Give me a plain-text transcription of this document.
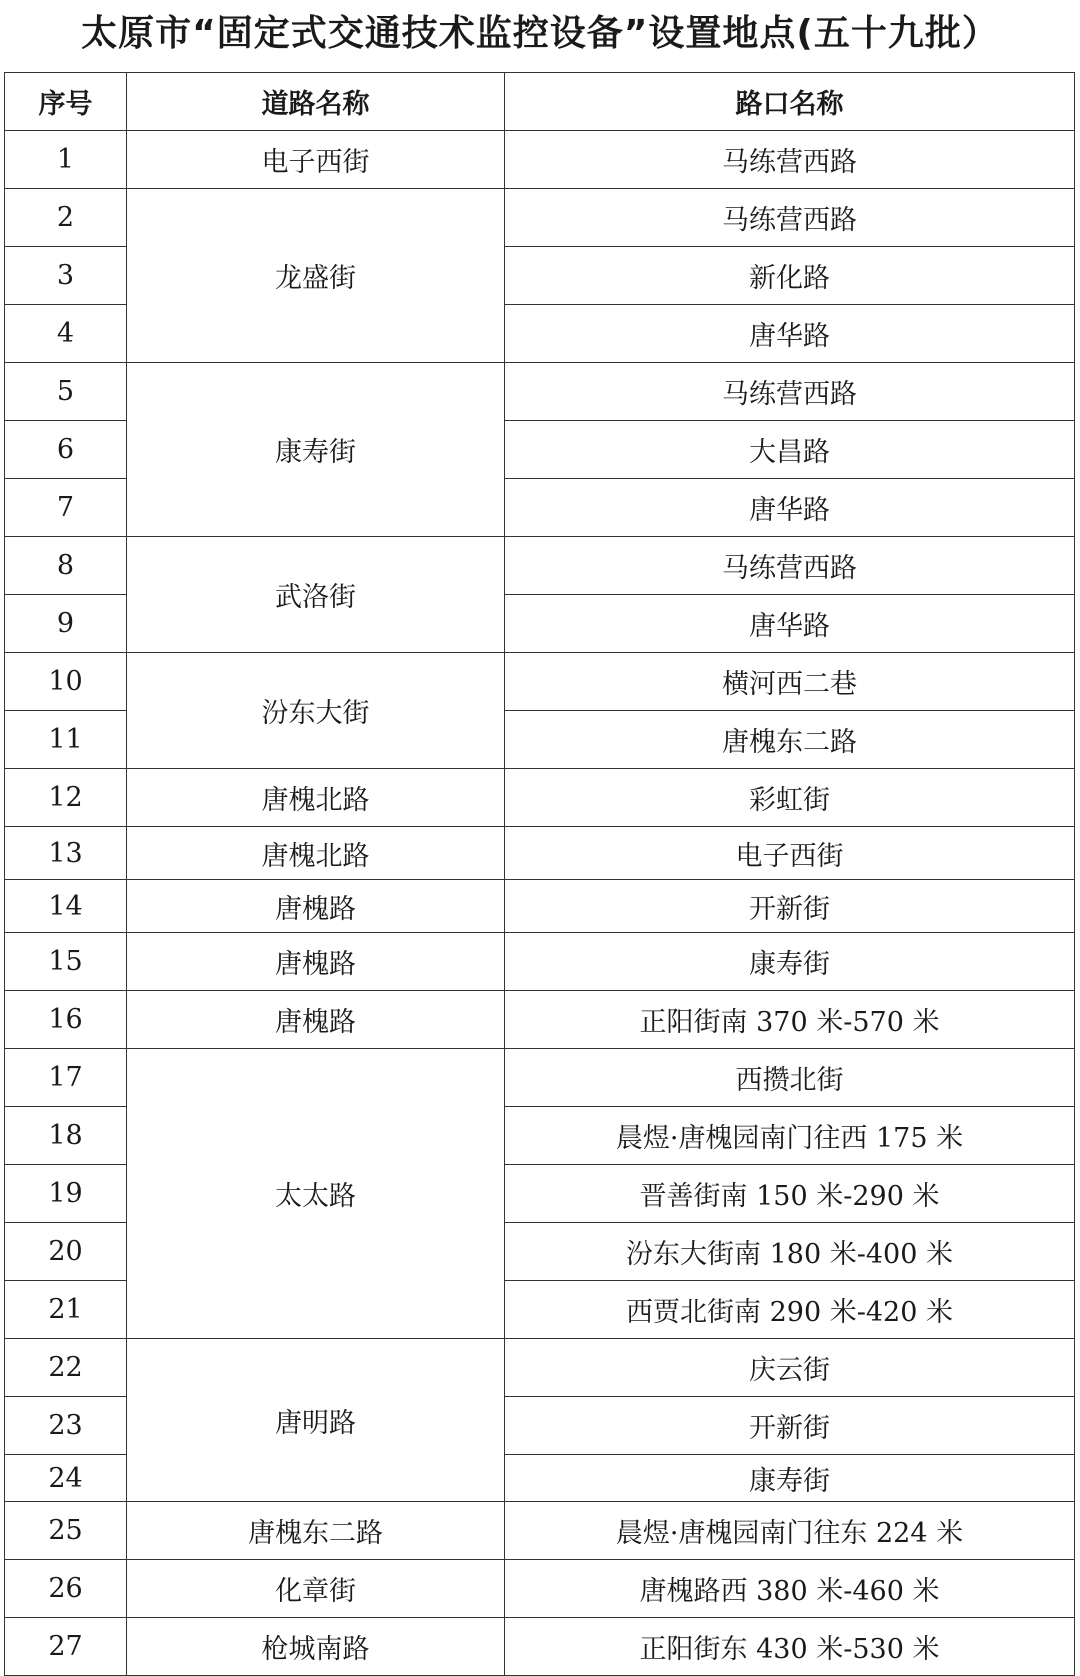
太原市“固定式交通技术监控设备”设置地点(五十九批）
序号	道路名称	路口名称
1	电子西街	马练营西路
2	龙盛街	马练营西路
3		新化路
4		唐华路
5	康寿街	马练营西路
6		大昌路
7		唐华路
8	武洛街	马练营西路
9		唐华路
10	汾东大街	横河西二巷
11		唐槐东二路
12	唐槐北路	彩虹街
13	唐槐北路	电子西街
14	唐槐路	开新街
15	唐槐路	康寿街
16	唐槐路	正阳街南 370 米-570 米
17	太太路	西攒北街
18		晨煜·唐槐园南门往西 175 米
19		晋善街南 150 米-290 米
20		汾东大街南 180 米-400 米
21		西贾北街南 290 米-420 米
22	唐明路	庆云街
23		开新街
24		康寿街
25	唐槐东二路	晨煜·唐槐园南门往东 224 米
26	化章街	唐槐路西 380 米-460 米
27	枪城南路	正阳街东 430 米-530 米
